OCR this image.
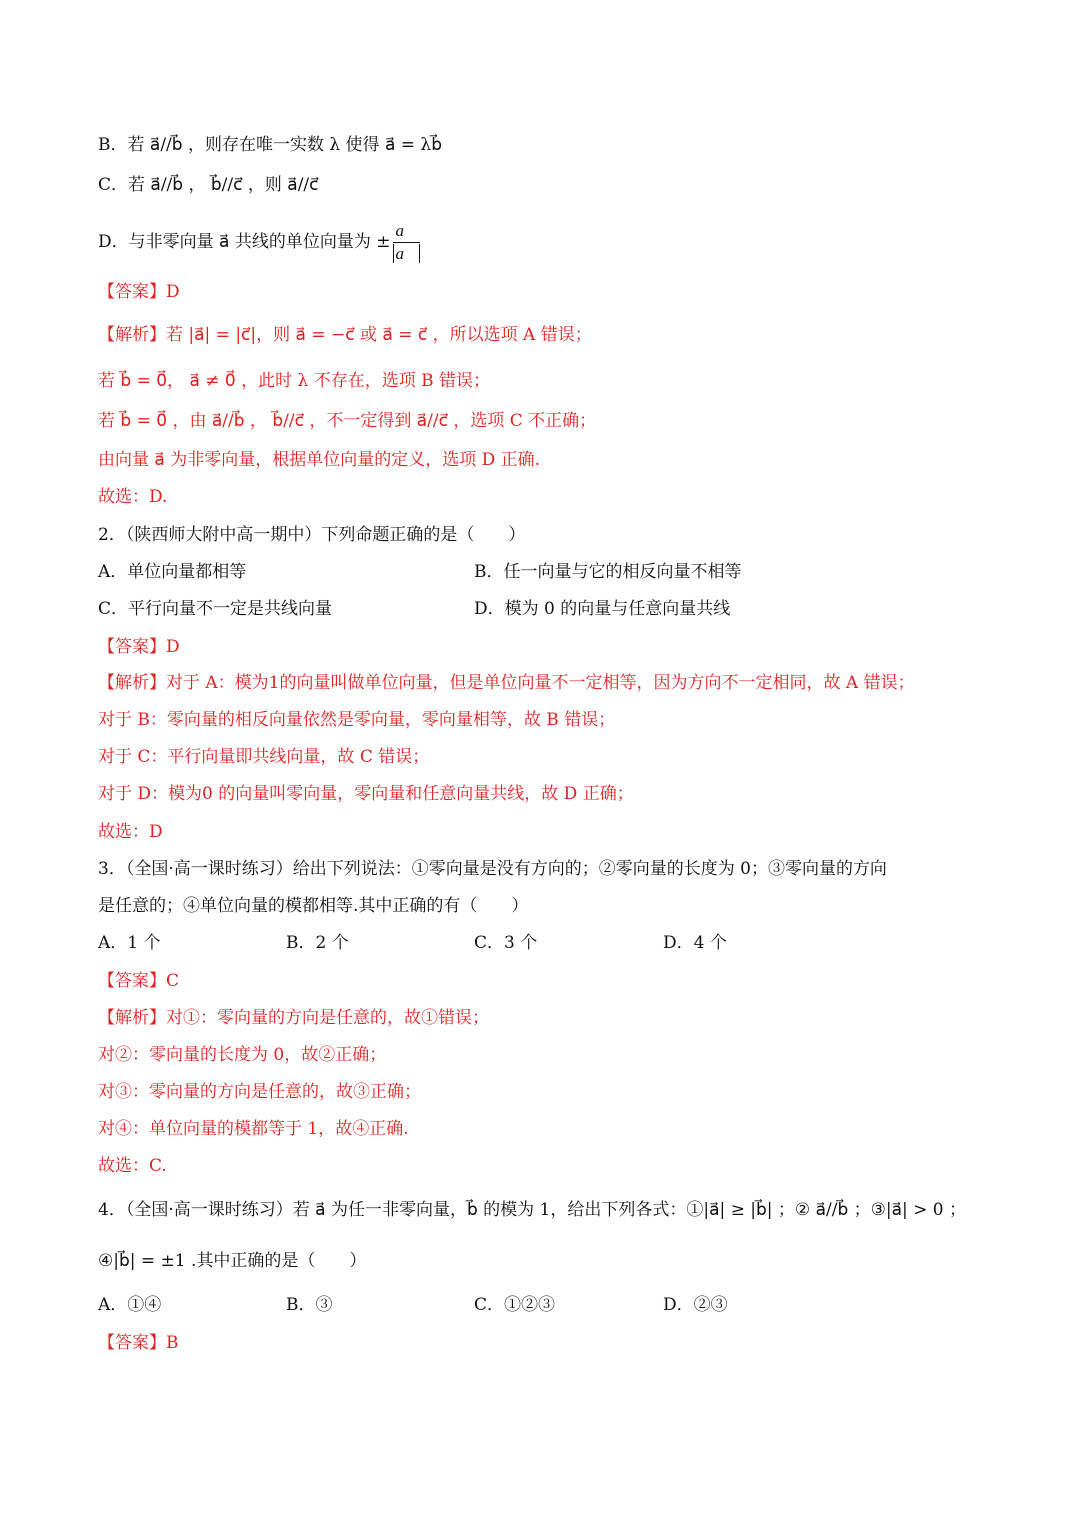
B．若 a⃗//b⃗ ，则存在唯一实数 λ 使得 a⃗ = λb⃗
C．若 a⃗//b⃗ ， b⃗//c⃗ ，则 a⃗//c⃗
D．与非零向量 a⃗ 共线的单位向量为 ± $\frac{a⃗}{a⃗}$
【答案】D
【解析】若 |a⃗| = |c⃗|，则 a⃗ = −c⃗ 或 a⃗ = c⃗ ，所以选项 A 错误；
若 b⃗ = 0⃗， a⃗ ≠ 0⃗ ，此时 λ 不存在，选项 B 错误；
若 b⃗ = 0⃗ ，由 a⃗//b⃗ ， b⃗//c⃗ ，不一定得到 a⃗//c⃗ ，选项 C 不正确；
由向量 a⃗ 为非零向量，根据单位向量的定义，选项 D 正确.
故选：D.
2．（陕西师大附中高一期中）下列命题正确的是（　　）
A．单位向量都相等	B．任一向量与它的相反向量不相等
C．平行向量不一定是共线向量	D．模为 0 的向量与任意向量共线
【答案】D
【解析】对于 A：模为1的向量叫做单位向量，但是单位向量不一定相等，因为方向不一定相同，故 A 错误；
对于 B：零向量的相反向量依然是零向量，零向量相等，故 B 错误；
对于 C：平行向量即共线向量，故 C 错误；
对于 D：模为0 的向量叫零向量，零向量和任意向量共线，故 D 正确；
故选：D
3．（全国·高一课时练习）给出下列说法：①零向量是没有方向的；②零向量的长度为 0；③零向量的方向
是任意的；④单位向量的模都相等.其中正确的有（　　）
A．1 个	B．2 个	C．3 个	D．4 个
【答案】C
【解析】对①：零向量的方向是任意的，故①错误；
对②：零向量的长度为 0，故②正确；
对③：零向量的方向是任意的，故③正确；
对④：单位向量的模都等于 1，故④正确.
故选：C.
4．（全国·高一课时练习）若 a⃗ 为任一非零向量，b⃗ 的模为 1，给出下列各式：①|a⃗| ≥ |b⃗| ；② a⃗//b⃗ ；③|a⃗| > 0 ；
④|b⃗| = ±1 .其中正确的是（　　）
A．①④	B．③	C．①②③	D．②③
【答案】B
